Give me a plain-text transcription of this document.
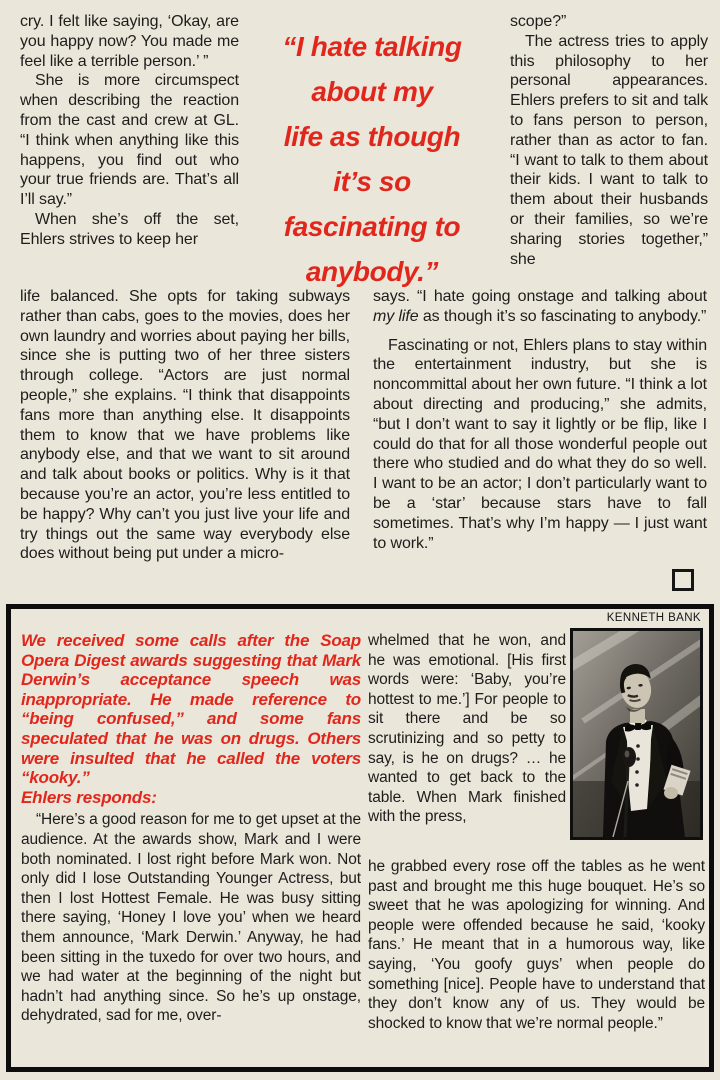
cry. I felt like saying, ‘Okay, are you happy now? You made me feel like a terrible person.’ ”

She is more circumspect when describing the reaction from the cast and crew at GL. “I think when anything like this happens, you find out who your true friends are. That’s all I’ll say.”

When she’s off the set, Ehlers strives to keep her

“I hate talking
about my
life as though
it’s so
fascinating to
anybody.”

scope?”

The actress tries to apply this philosophy to her personal appearances. Ehlers prefers to sit and talk to fans person to person, rather than as actor to fan. “I want to talk to them about their kids. I want to talk to them about their husbands or their families, so we’re sharing stories together,” she

life balanced. She opts for taking subways rather than cabs, goes to the movies, does her own laundry and worries about paying her bills, since she is putting two of her three sisters through college. “Actors are just normal people,” she explains. “I think that disappoints fans more than anything else. It disappoints them to know that we have problems like anybody else, and that we want to sit around and talk about books or politics. Why is it that because you’re an actor, you’re less entitled to be happy? Why can’t you just live your life and try things out the same way everybody else does without being put under a micro-

says. “I hate going onstage and talking about my life as though it’s so fascinating to anybody.”

Fascinating or not, Ehlers plans to stay within the entertainment industry, but she is noncommittal about her own future. “I think a lot about directing and producing,” she admits, “but I don’t want to say it lightly or be flip, like I could do that for all those wonderful people out there who studied and do what they do so well. I want to be an actor; I don’t particularly want to be a ‘star’ because stars have to fall sometimes. That’s why I’m happy — I just want to work.”

KENNETH BANK

We received some calls after the Soap Opera Digest awards suggesting that Mark Derwin’s acceptance speech was inappropriate. He made reference to “being confused,” and some fans speculated that he was on drugs. Others were insulted that he called the voters “kooky.”

Ehlers responds:

“Here’s a good reason for me to get upset at the audience. At the awards show, Mark and I were both nominated. I lost right before Mark won. Not only did I lose Outstanding Younger Actress, but then I lost Hottest Female. He was busy sitting there saying, ‘Honey I love you’ when we heard them announce, ‘Mark Derwin.’ Anyway, he had been sitting in the tuxedo for over two hours, and we had water at the beginning of the night but hadn’t had anything since. So he’s up onstage, dehydrated, sad for me, over-

whelmed that he won, and he was emotional. [His first words were: ‘Baby, you’re hottest to me.’] For people to sit there and be so scrutinizing and so petty to say, is he on drugs? … he wanted to get back to the table. When Mark finished with the press,

he grabbed every rose off the tables as he went past and brought me this huge bouquet. He’s so sweet that he was apologizing for winning. And people were offended because he said, ‘kooky fans.’ He meant that in a humorous way, like saying, ‘You goofy guys’ when people do something [nice]. People have to understand that they don’t know any of us. They would be shocked to know that we’re normal people.”
